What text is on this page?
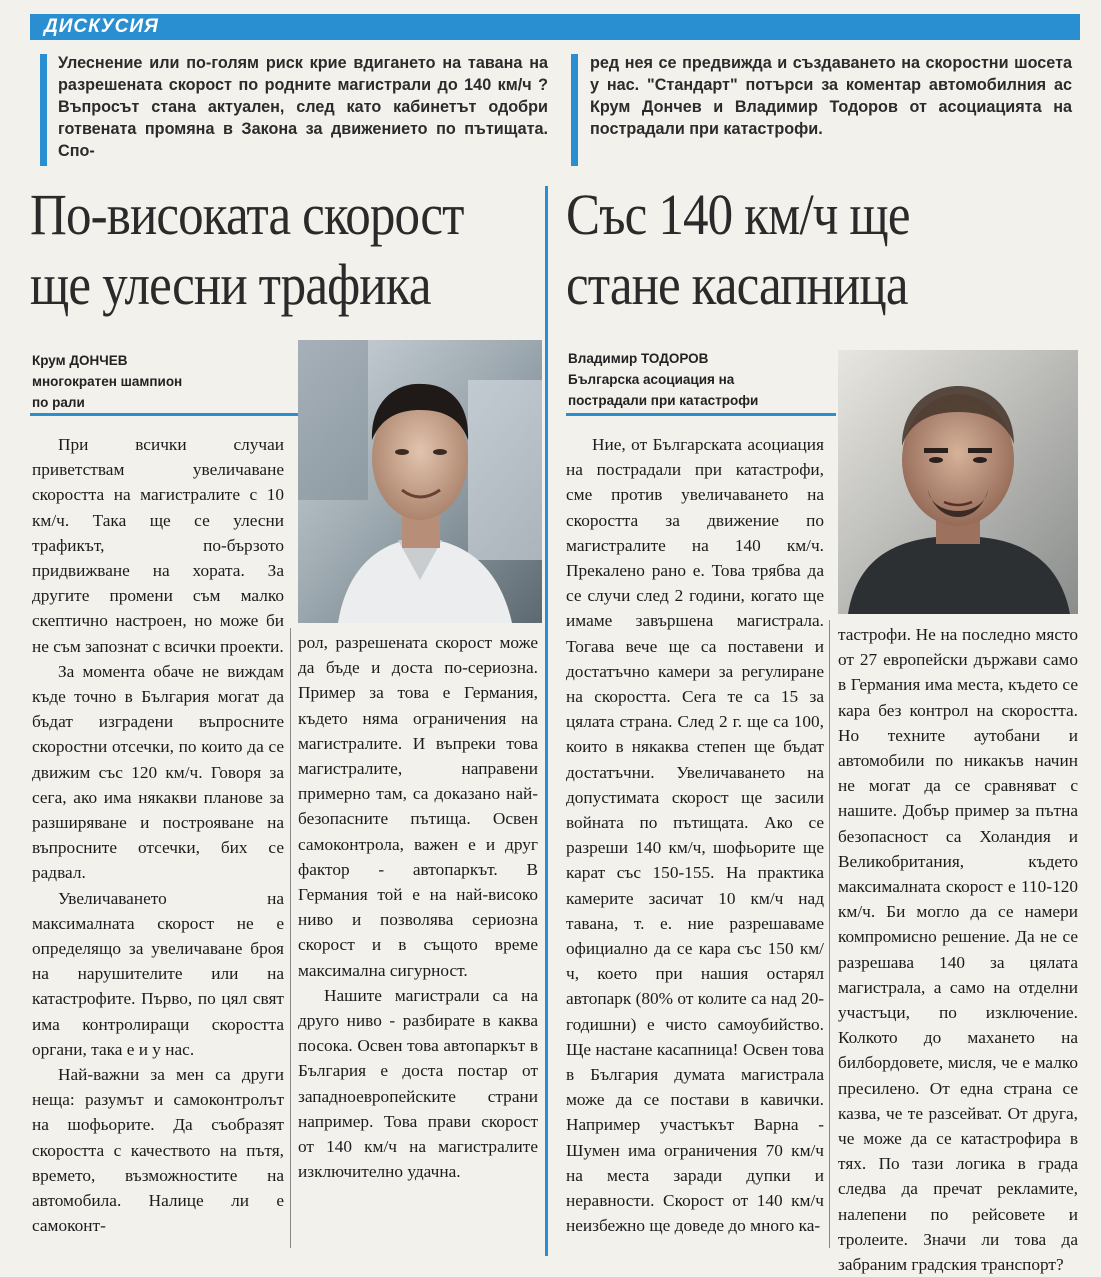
ДИСКУСИЯ

Улеснение или по-голям риск крие вдигането на тавана на разрешената скорост по родните магистрали до 140 км/ч ? Въпросът стана актуален, след като кабинетът одобри готвената промяна в Закона за движението по пътищата. Спо-

ред нея се предвижда и създаването на скоростни шосета у нас. "Стандарт" потърси за коментар автомобилния ас Крум Дончев и Владимир Тодоров от асоциацията на пострадали при катастрофи.

По-високата скорост
ще улесни трафика
Крум ДОНЧЕВ
многократен шампион
по рали

При всички случаи приветствам увеличаване скоростта на магистралите с 10 км/ч. Така ще се улесни трафикът, по-бързото придвижване на хората. За другите промени съм малко скептично настроен, но може би не съм запознат с всички проекти.

За момента обаче не виждам къде точно в България могат да бъдат изградени въпросните скоростни отсечки, по които да се движим със 120 км/ч. Говоря за сега, ако има някакви планове за разширяване и построяване на въпросните отсечки, бих се радвал.

Увеличаването на максималната скорост не е определящо за увеличаване броя на нарушителите или на катастрофите. Първо, по цял свят има контролиращи скоростта органи, така е и у нас.

Най-важни за мен са други неща: разумът и самоконтролът на шофьорите. Да съобразят скоростта с качеството на пътя, времето, възможностите на автомобила. Налице ли е самоконт-

рол, разрешената скорост може да бъде и доста по-сериозна. Пример за това е Германия, където няма ограничения на магистралите. И въпреки това магистралите, направени примерно там, са доказано най-безопасните пътища. Освен самоконтрола, важен е и друг фактор - автопаркът. В Германия той е на най-високо ниво и позволява сериозна скорост и в същото време максимална сигурност.

Нашите магистрали са на друго ниво - разбирате в каква посока. Освен това автопаркът в България е доста постар от западноевропейските страни например. Това прави скорост от 140 км/ч на магистралите изключително удачна.

Със 140 км/ч ще
стане касапница
Владимир ТОДОРОВ
Българска асоциация на
пострадали при катастрофи

Ние, от Българската асоциация на пострадали при катастрофи, сме против увеличаването на скоростта за движение по магистралите на 140 км/ч. Прекалено рано е. Това трябва да се случи след 2 години, когато ще имаме завършена магистрала. Тогава вече ще са поставени и достатъчно камери за регулиране на скоростта. Сега те са 15 за цялата страна. След 2 г. ще са 100, които в някаква степен ще бъдат достатъчни. Увеличаването на допустимата скорост ще засили войната по пътищата. Ако се разреши 140 км/ч, шофьорите ще карат със 150-155. На практика камерите засичат 10 км/ч над тавана, т. е. ние разрешаваме официално да се кара със 150 км/ч, което при нашия остарял автопарк (80% от колите са над 20-годишни) е чисто самоубийство. Ще настане касапница! Освен това в България думата магистрала може да се постави в кавички. Например участъкът Варна - Шумен има ограничения 70 км/ч на места заради дупки и неравности. Скорост от 140 км/ч неизбежно ще доведе до много ка-

тастрофи. Не на последно място от 27 европейски държави само в Германия има места, където се кара без контрол на скоростта. Но техните аутобани и автомобили по никакъв начин не могат да се сравняват с нашите. Добър пример за пътна безопасност са Холандия и Великобритания, където максималната скорост е 110-120 км/ч. Би могло да се намери компромисно решение. Да не се разрешава 140 за цялата магистрала, а само на отделни участъци, по изключение. Колкото до махането на билбордовете, мисля, че е малко пресилено. От една страна се казва, че те разсейват. От друга, че може да се катастрофира в тях. По тази логика в града следва да пречат рекламите, налепени по рейсовете и тролеите. Значи ли това да забраним градския транспорт?
